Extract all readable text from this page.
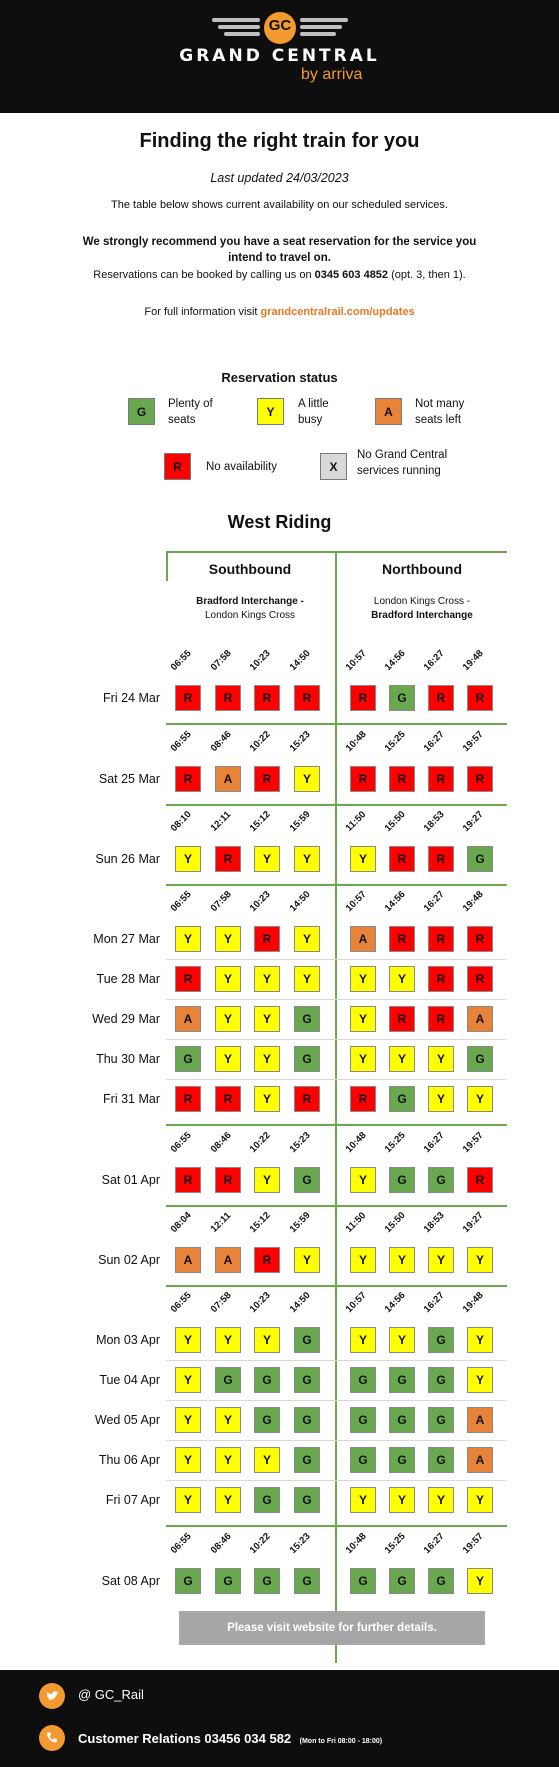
GC
GRAND CENTRAL
by arriva
Finding the right train for you
Last updated 24/03/2023
The table below shows current availability on our scheduled services.
We strongly recommend you have a seat reservation for the service you
intend to travel on.
Reservations can be booked by calling us on 0345 603 4852 (opt. 3, then 1).
For full information visit grandcentralrail.com/updates
Reservation status
G
Plenty of
seats
Y
A little
busy
A
Not many
seats left
R	No availability	X
No Grand Central
services running
West Riding
Southbound
Bradford Interchange -
London Kings Cross
Northbound
London Kings Cross -
Bradford Interchange
06:55 07:58 10:23 14:50	10:57 14:56 16:27 19:48
Fri 24 Mar	R	R	R	R	R	G	R	R
06:55 08:46 10:22 15:23	10:48 15:25 16:27 19:57
Sat 25 Mar	R	A	R	Y	R	R	R	R
08:10 12:11 15:12 15:59	11:50 15:50 18:53 19:27
Sun 26 Mar	Y	R	Y	Y	Y	R	R	G
06:55 07:58 10:23 14:50	10:57 14:56 16:27 19:48
Mon 27 Mar	Y	Y	R	Y	A	R	R	R
Tue 28 Mar	R	Y	Y	Y	Y	Y	R	R
Wed 29 Mar	A	Y	Y	G	Y	R	R	A
Thu 30 Mar	G	Y	Y	G	Y	Y	Y	G
Fri 31 Mar	R	R	Y	R	R	G	Y	Y
06:55 08:46 10:22 15:23	10:48 15:25 16:27 19:57
Sat 01 Apr	R	R	Y	G	Y	G	G	R
08:04 12:11 15:12 15:59	11:50 15:50 18:53 19:27
Sun 02 Apr	A	A	R	Y	Y	Y	Y	Y
06:55 07:58 10:23 14:50	10:57 14:56 16:27 19:48
Mon 03 Apr	Y	Y	Y	G	Y	Y	G	Y
Tue 04 Apr	Y	G	G	G	G	G	G	Y
Wed 05 Apr	Y	Y	G	G	G	G	G	A
Thu 06 Apr	Y	Y	Y	G	G	G	G	A
Fri 07 Apr	Y	Y	G	G	Y	Y	Y	Y
06:55 08:46 10:22 15:23	10:48 15:25 16:27 19:57
Sat 08 Apr	G	G	G	G	G	G	G	Y
Please visit website for further details.
@ GC_Rail
Customer Relations 03456 034 582 (Mon to Fri 08:00 - 18:00)
